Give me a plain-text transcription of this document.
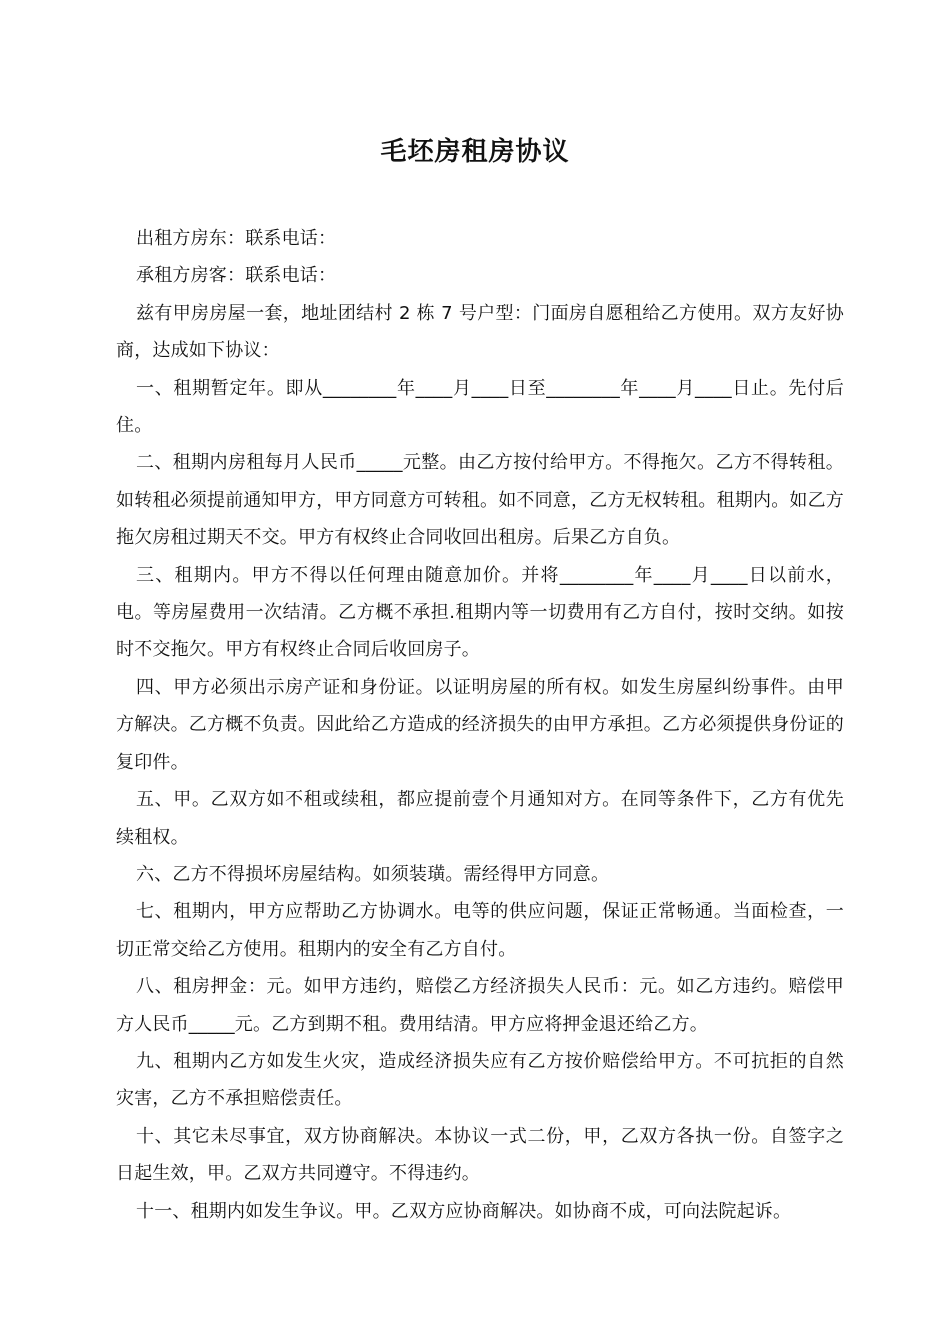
毛坯房租房协议

出租方房东：联系电话：

承租方房客：联系电话：

兹有甲房房屋一套，地址团结村 2 栋 7 号户型：门面房自愿租给乙方使用。双方友好协商，达成如下协议：

一、租期暂定年。即从________年____月____日至________年____月____日止。先付后住。

二、租期内房租每月人民币_____元整。由乙方按付给甲方。不得拖欠。乙方不得转租。如转租必须提前通知甲方，甲方同意方可转租。如不同意，乙方无权转租。租期内。如乙方拖欠房租过期天不交。甲方有权终止合同收回出租房。后果乙方自负。

三、租期内。甲方不得以任何理由随意加价。并将________年____月____日以前水，电。等房屋费用一次结清。乙方概不承担.租期内等一切费用有乙方自付，按时交纳。如按时不交拖欠。甲方有权终止合同后收回房子。

四、甲方必须出示房产证和身份证。以证明房屋的所有权。如发生房屋纠纷事件。由甲方解决。乙方概不负责。因此给乙方造成的经济损失的由甲方承担。乙方必须提供身份证的复印件。

五、甲。乙双方如不租或续租，都应提前壹个月通知对方。在同等条件下，乙方有优先续租权。

六、乙方不得损坏房屋结构。如须装璜。需经得甲方同意。

七、租期内，甲方应帮助乙方协调水。电等的供应问题，保证正常畅通。当面检查，一切正常交给乙方使用。租期内的安全有乙方自付。

八、租房押金：元。如甲方违约，赔偿乙方经济损失人民币：元。如乙方违约。赔偿甲方人民币_____元。乙方到期不租。费用结清。甲方应将押金退还给乙方。

九、租期内乙方如发生火灾，造成经济损失应有乙方按价赔偿给甲方。不可抗拒的自然灾害，乙方不承担赔偿责任。

十、其它未尽事宜，双方协商解决。本协议一式二份，甲，乙双方各执一份。自签字之日起生效，甲。乙双方共同遵守。不得违约。

十一、租期内如发生争议。甲。乙双方应协商解决。如协商不成，可向法院起诉。
